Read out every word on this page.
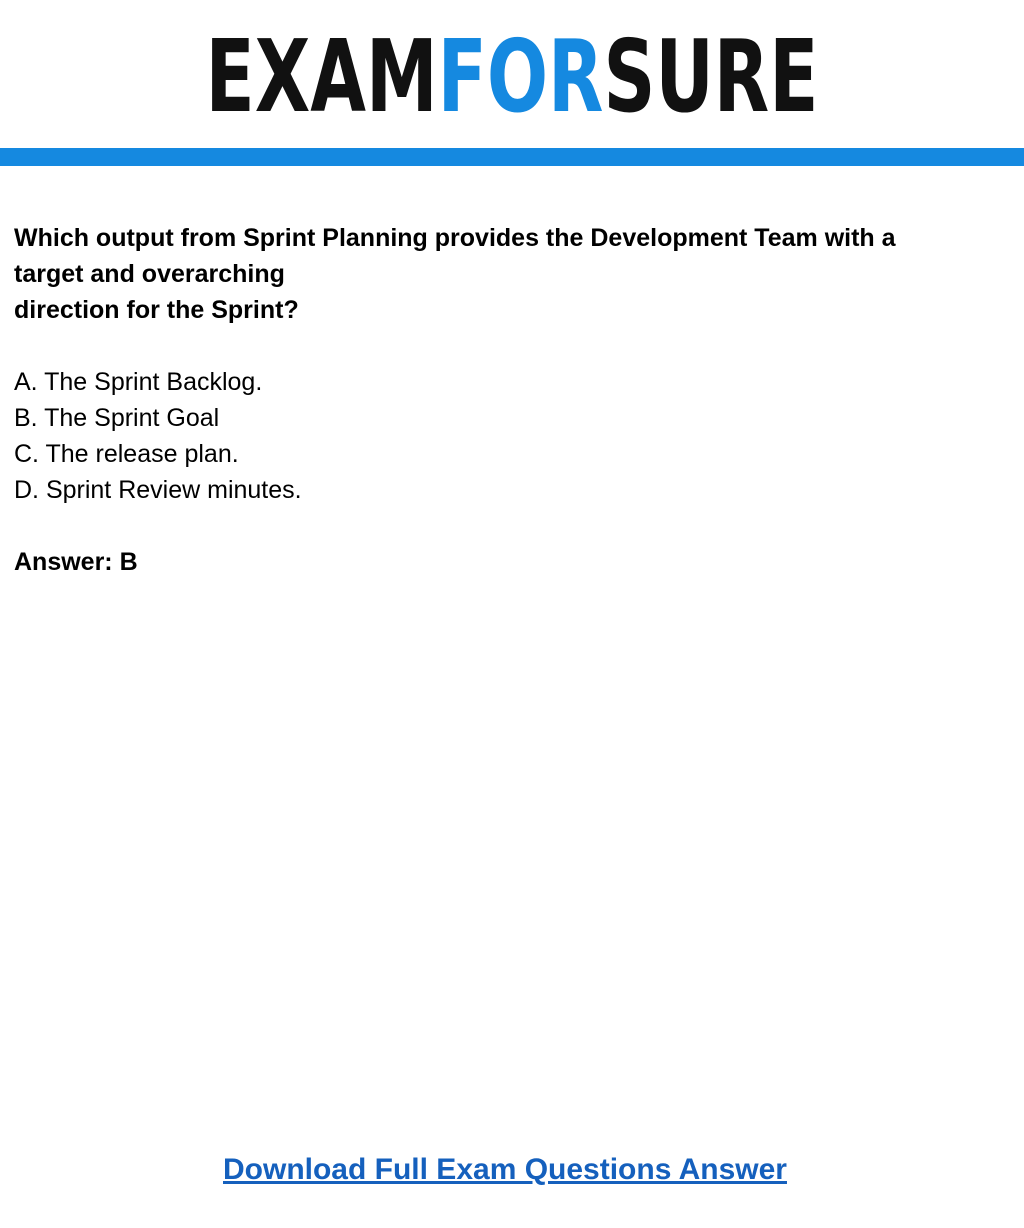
EXAMFORSURE
Which output from Sprint Planning provides the Development Team with a
target and overarching
direction for the Sprint?
A. The Sprint Backlog.
B. The Sprint Goal
C. The release plan.
D. Sprint Review minutes.

Answer: B

Download Full Exam Questions Answer
